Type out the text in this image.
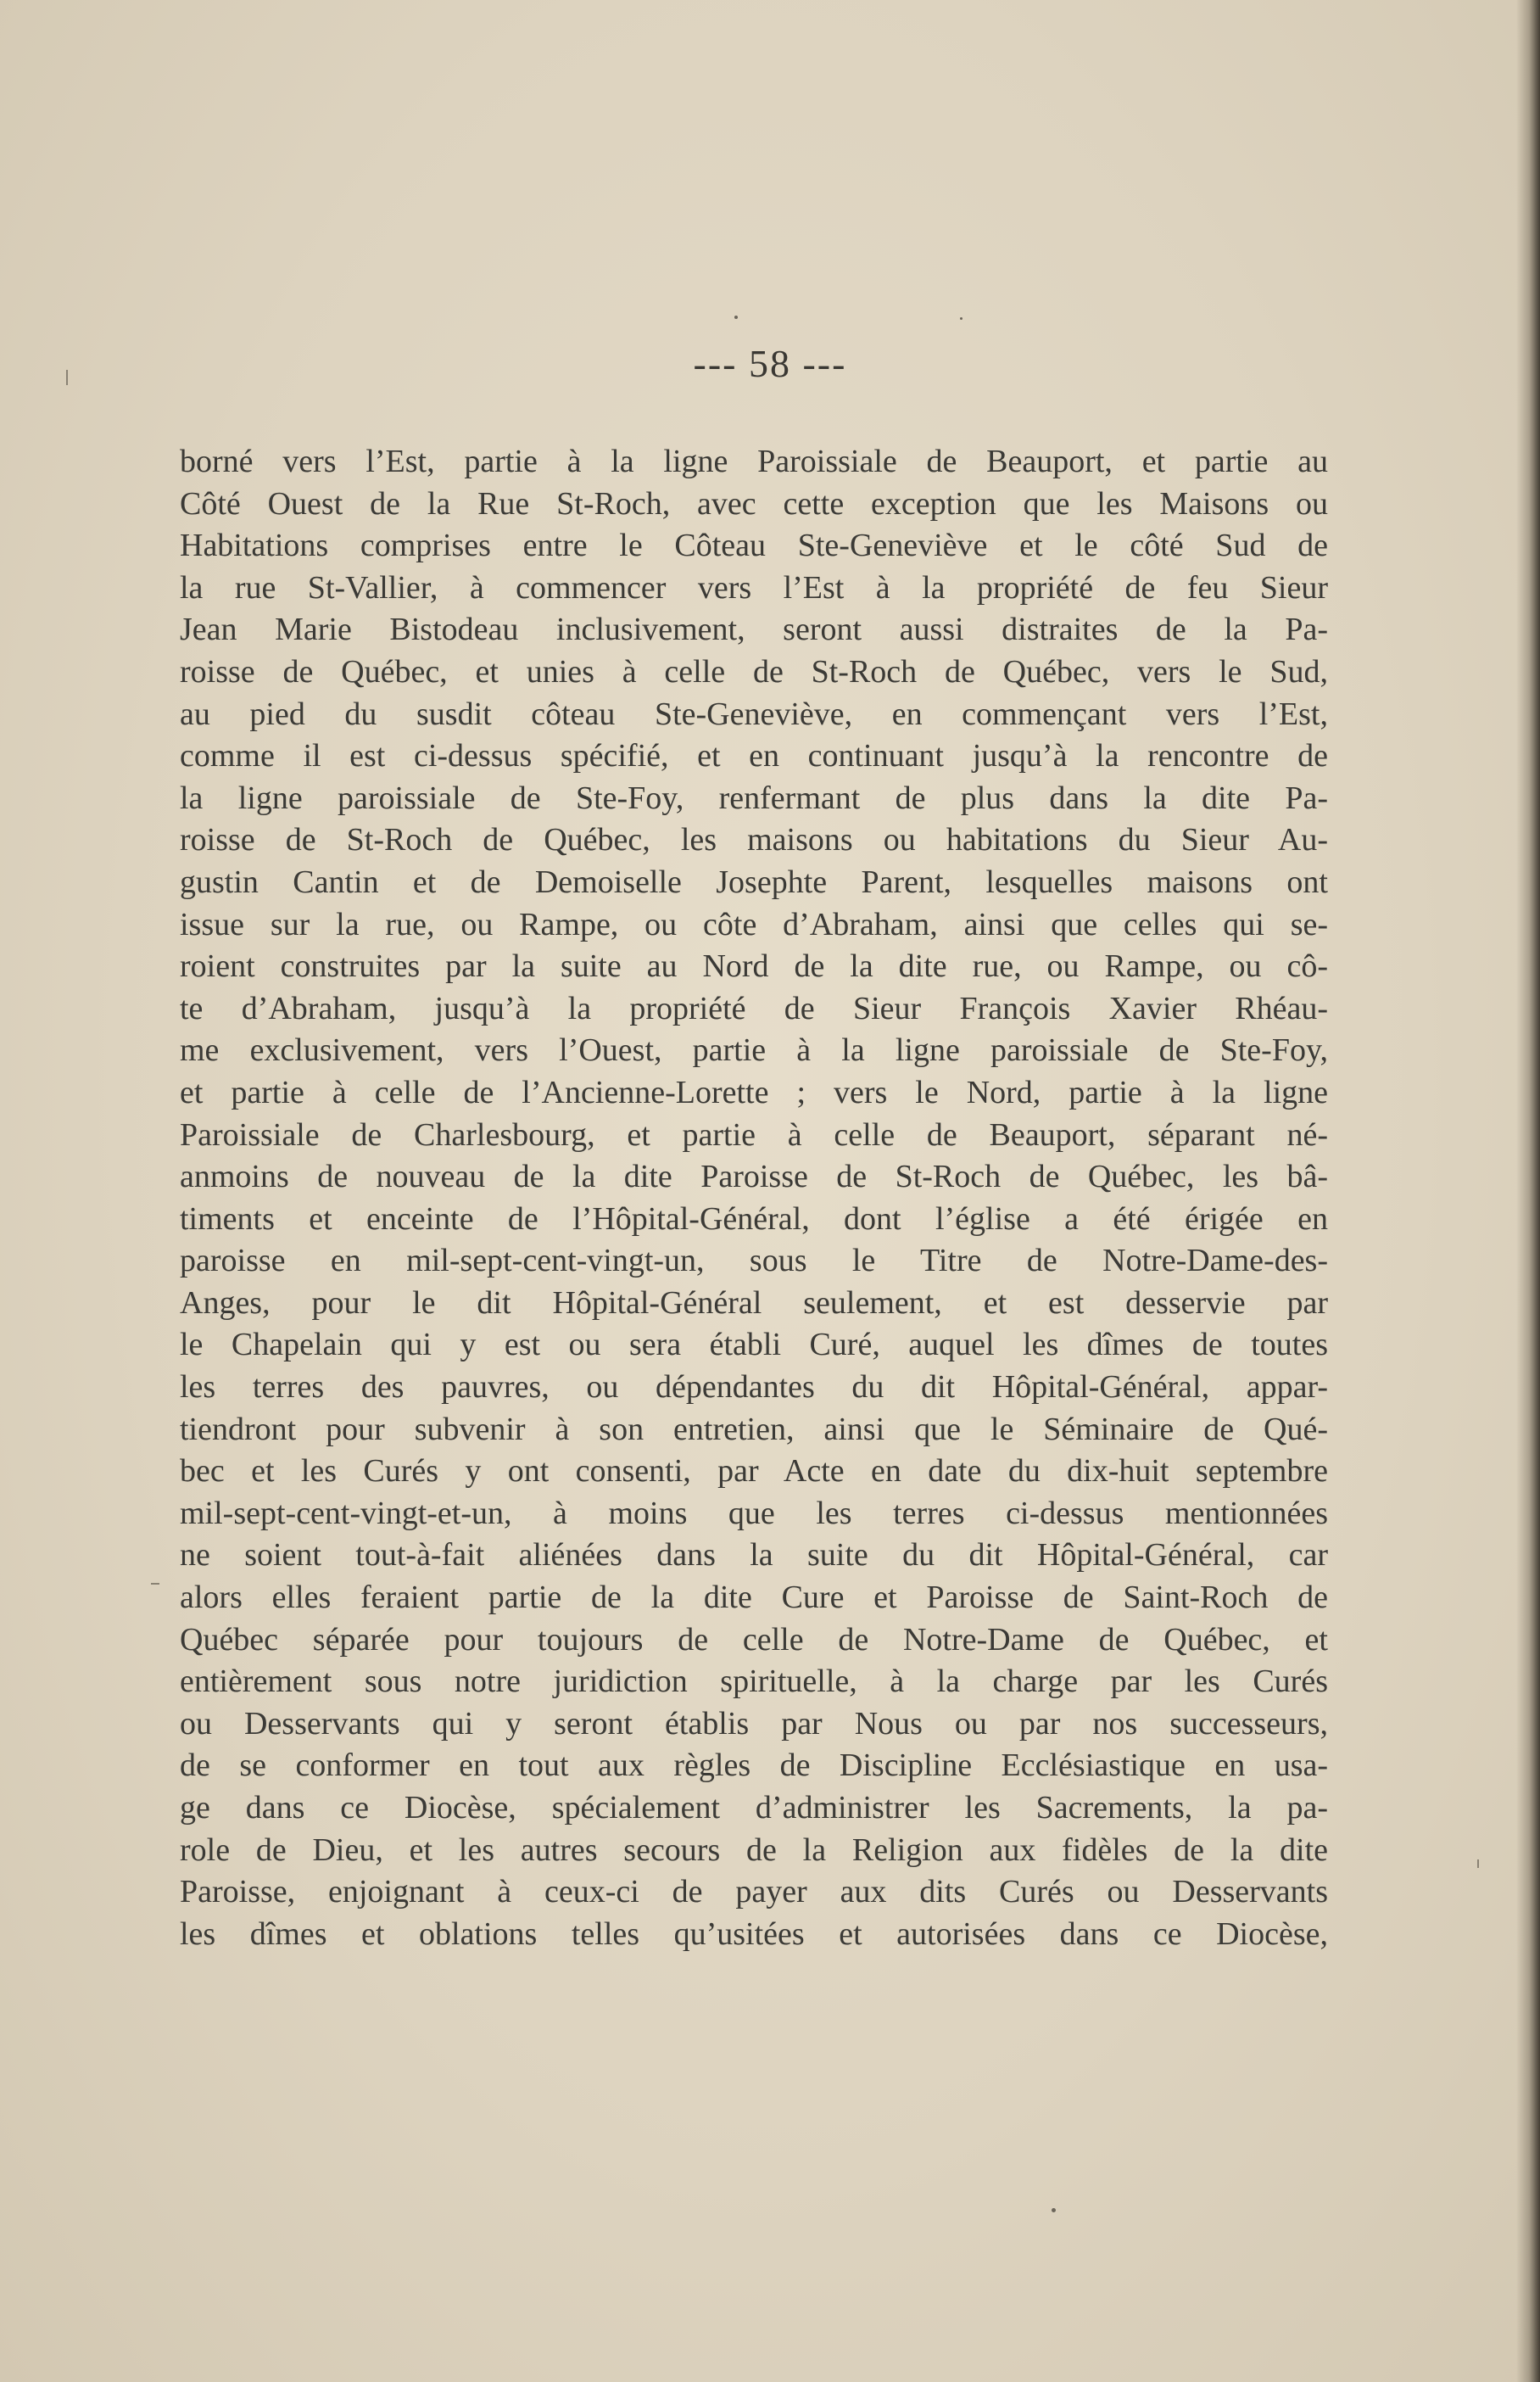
--- 58 ---
borné vers l’Est, partie à la ligne Paroissiale de Beauport, et partie au
Côté Ouest de la Rue St-Roch, avec cette exception que les Maisons ou
Habitations comprises entre le Côteau Ste-Geneviève et le côté Sud de
la rue St-Vallier, à commencer vers l’Est à la propriété de feu Sieur
Jean Marie Bistodeau inclusivement, seront aussi distraites de la Pa-
roisse de Québec, et unies à celle de St-Roch de Québec, vers le Sud,
au pied du susdit côteau Ste-Geneviève, en commençant vers l’Est,
comme il est ci-dessus spécifié, et en continuant jusqu’à la rencontre de
la ligne paroissiale de Ste-Foy, renfermant de plus dans la dite Pa-
roisse de St-Roch de Québec, les maisons ou habitations du Sieur Au-
gustin Cantin et de Demoiselle Josephte Parent, lesquelles maisons ont
issue sur la rue, ou Rampe, ou côte d’Abraham, ainsi que celles qui se-
roient construites par la suite au Nord de la dite rue, ou Rampe, ou cô-
te d’Abraham, jusqu’à la propriété de Sieur François Xavier Rhéau-
me exclusivement, vers l’Ouest, partie à la ligne paroissiale de Ste-Foy,
et partie à celle de l’Ancienne-Lorette ; vers le Nord, partie à la ligne
Paroissiale de Charlesbourg, et partie à celle de Beauport, séparant né-
anmoins de nouveau de la dite Paroisse de St-Roch de Québec, les bâ-
timents et enceinte de l’Hôpital-Général, dont l’église a été érigée en
paroisse en mil-sept-cent-vingt-un, sous le Titre de Notre-Dame-des-
Anges, pour le dit Hôpital-Général seulement, et est desservie par
le Chapelain qui y est ou sera établi Curé, auquel les dîmes de toutes
les terres des pauvres, ou dépendantes du dit Hôpital-Général, appar-
tiendront pour subvenir à son entretien, ainsi que le Séminaire de Qué-
bec et les Curés y ont consenti, par Acte en date du dix-huit septembre
mil-sept-cent-vingt-et-un, à moins que les terres ci-dessus mentionnées
ne soient tout-à-fait aliénées dans la suite du dit Hôpital-Général, car
alors elles feraient partie de la dite Cure et Paroisse de Saint-Roch de
Québec séparée pour toujours de celle de Notre-Dame de Québec, et
entièrement sous notre juridiction spirituelle, à la charge par les Curés
ou Desservants qui y seront établis par Nous ou par nos successeurs,
de se conformer en tout aux règles de Discipline Ecclésiastique en usa-
ge dans ce Diocèse, spécialement d’administrer les Sacrements, la pa-
role de Dieu, et les autres secours de la Religion aux fidèles de la dite
Paroisse, enjoignant à ceux-ci de payer aux dits Curés ou Desservants
les dîmes et oblations telles qu’usitées et autorisées dans ce Diocèse,
